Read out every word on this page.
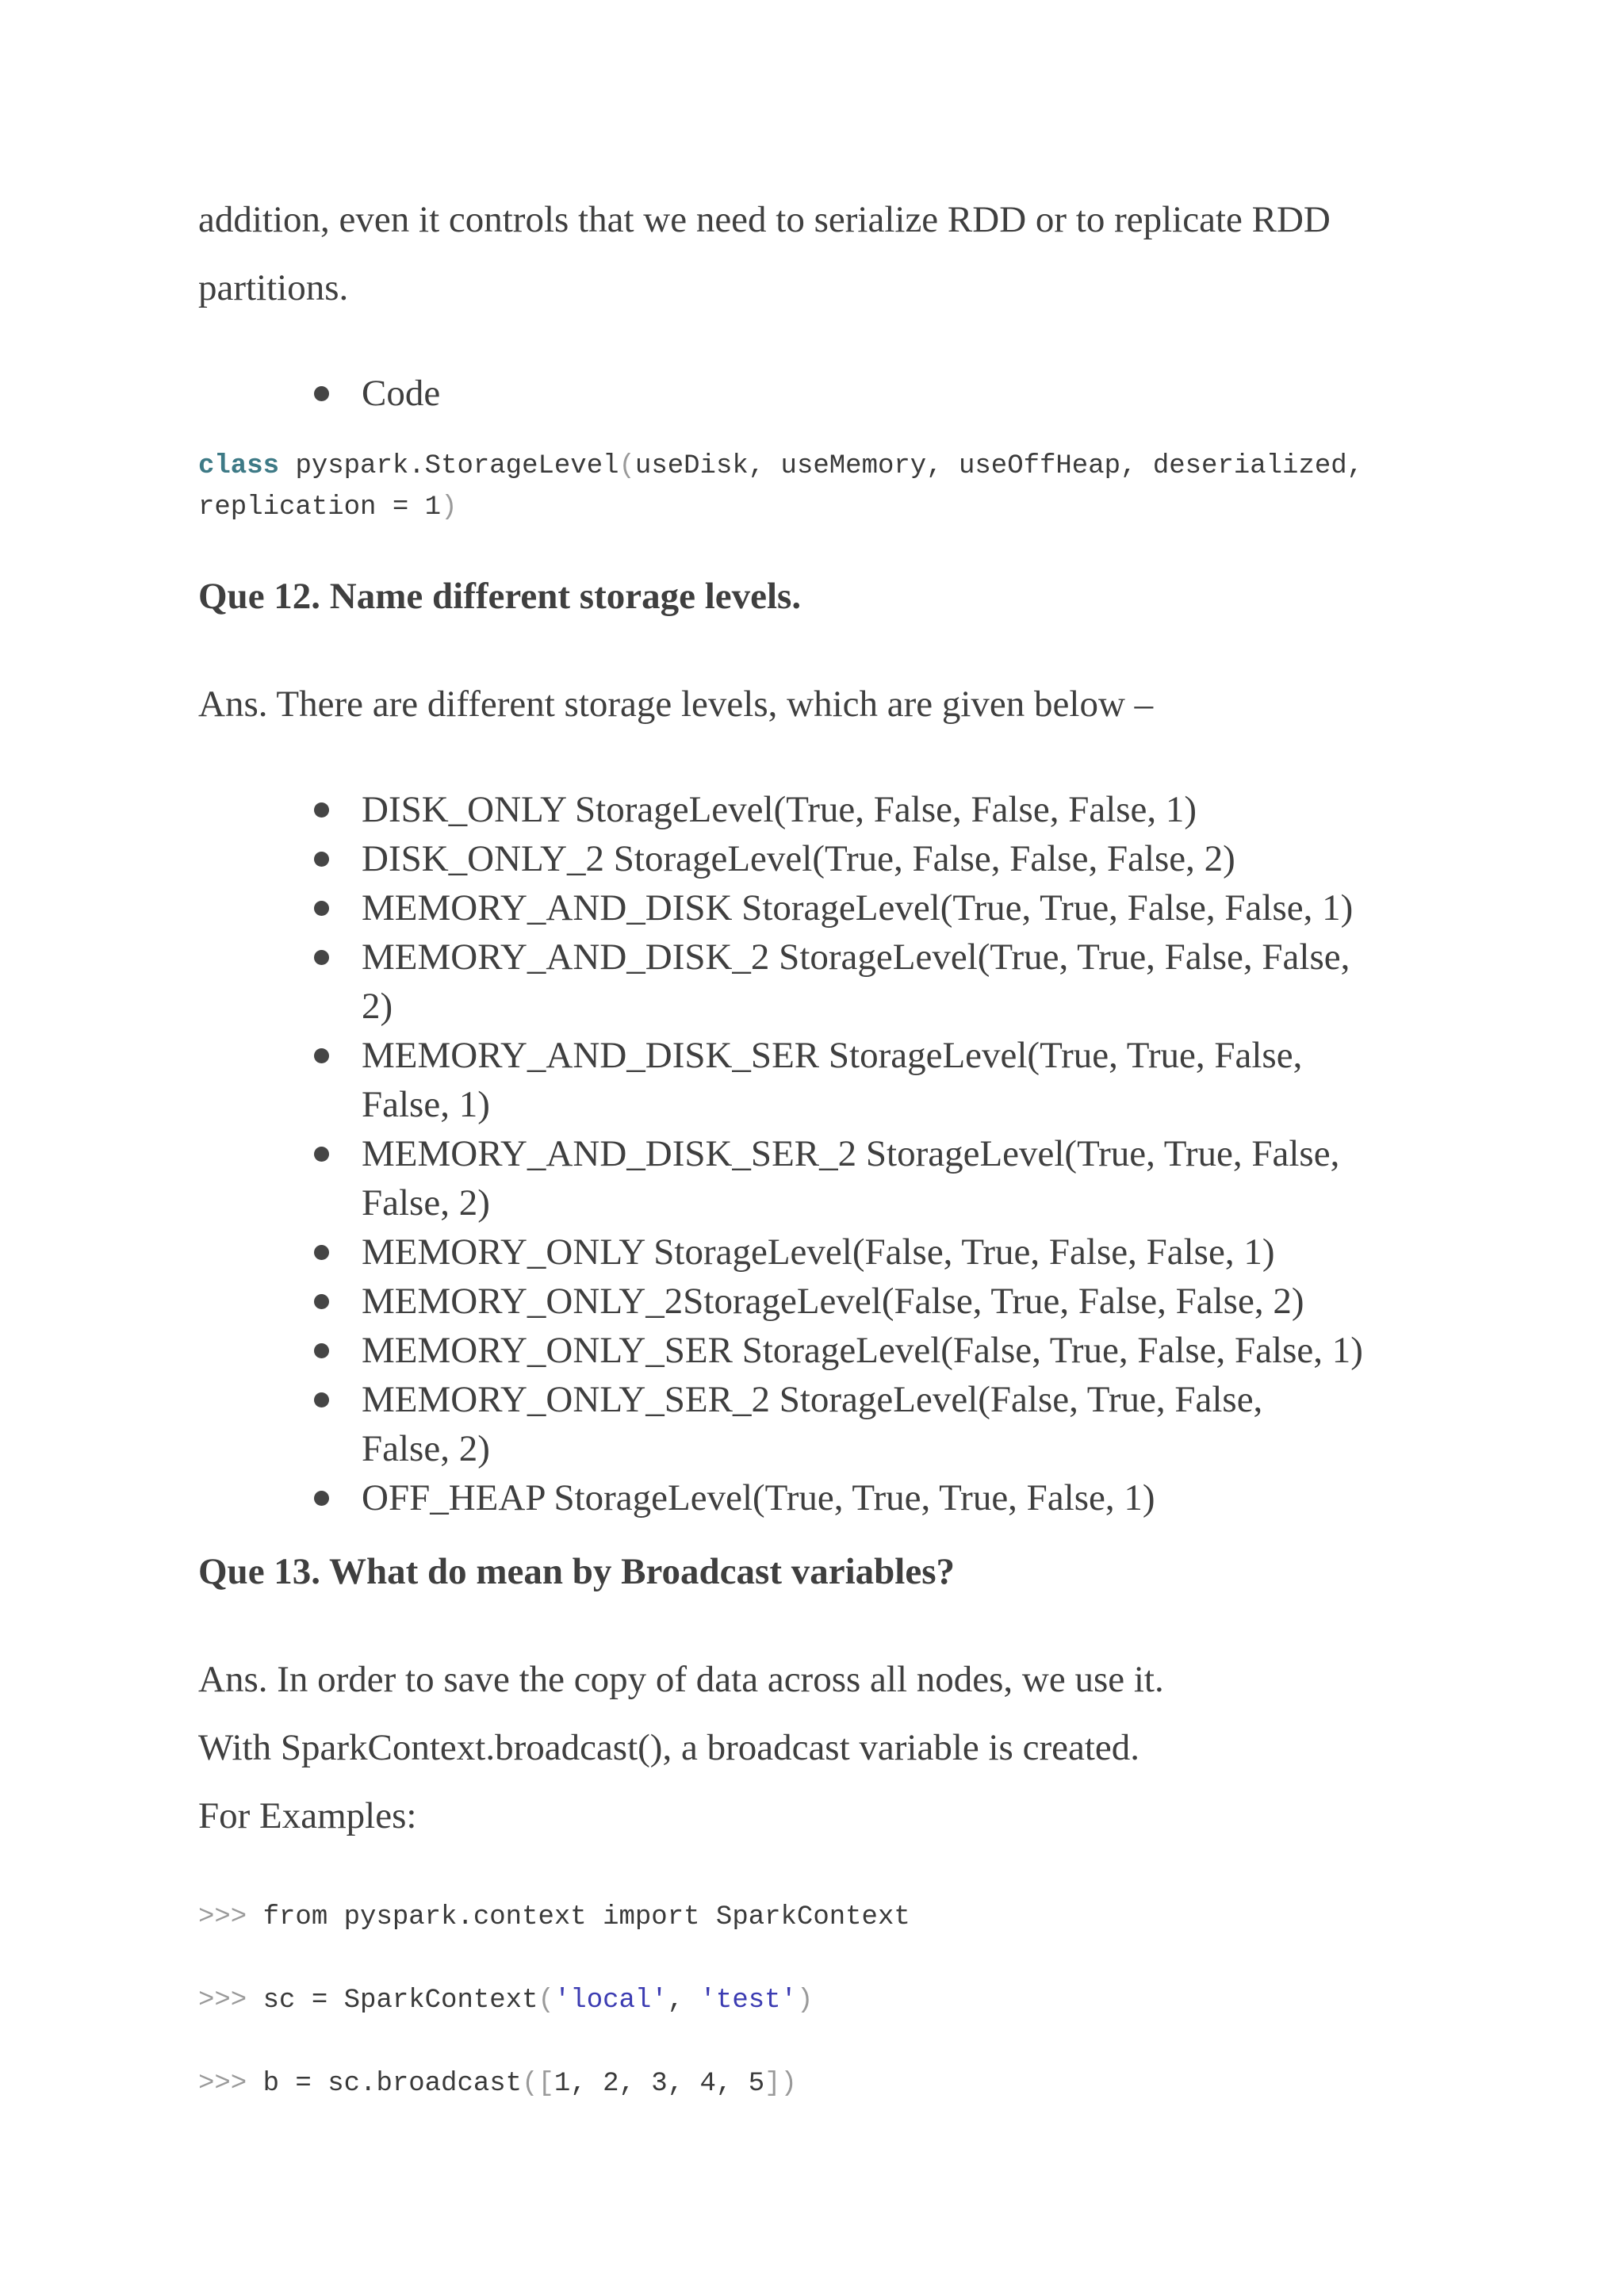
addition, even it controls that we need to serialize RDD or to replicate RDD

partitions.

Code
class pyspark.StorageLevel(useDisk, useMemory, useOffHeap, deserialized,
replication = 1)
Que 12. Name different storage levels.

Ans. There are different storage levels, which are given below –

DISK_ONLY StorageLevel(True, False, False, False, 1)
DISK_ONLY_2 StorageLevel(True, False, False, False, 2)
MEMORY_AND_DISK StorageLevel(True, True, False, False, 1)
MEMORY_AND_DISK_2 StorageLevel(True, True, False, False,
2)
MEMORY_AND_DISK_SER StorageLevel(True, True, False,
False, 1)
MEMORY_AND_DISK_SER_2 StorageLevel(True, True, False,
False, 2)
MEMORY_ONLY StorageLevel(False, True, False, False, 1)
MEMORY_ONLY_2StorageLevel(False, True, False, False, 2)
MEMORY_ONLY_SER StorageLevel(False, True, False, False, 1)
MEMORY_ONLY_SER_2 StorageLevel(False, True, False,
False, 2)
OFF_HEAP StorageLevel(True, True, True, False, 1)
Que 13. What do mean by Broadcast variables?

Ans. In order to save the copy of data across all nodes, we use it.

With SparkContext.broadcast(), a broadcast variable is created.

For Examples:

>>> from pyspark.context import SparkContext
>>> sc = SparkContext('local', 'test')
>>> b = sc.broadcast([1, 2, 3, 4, 5])
